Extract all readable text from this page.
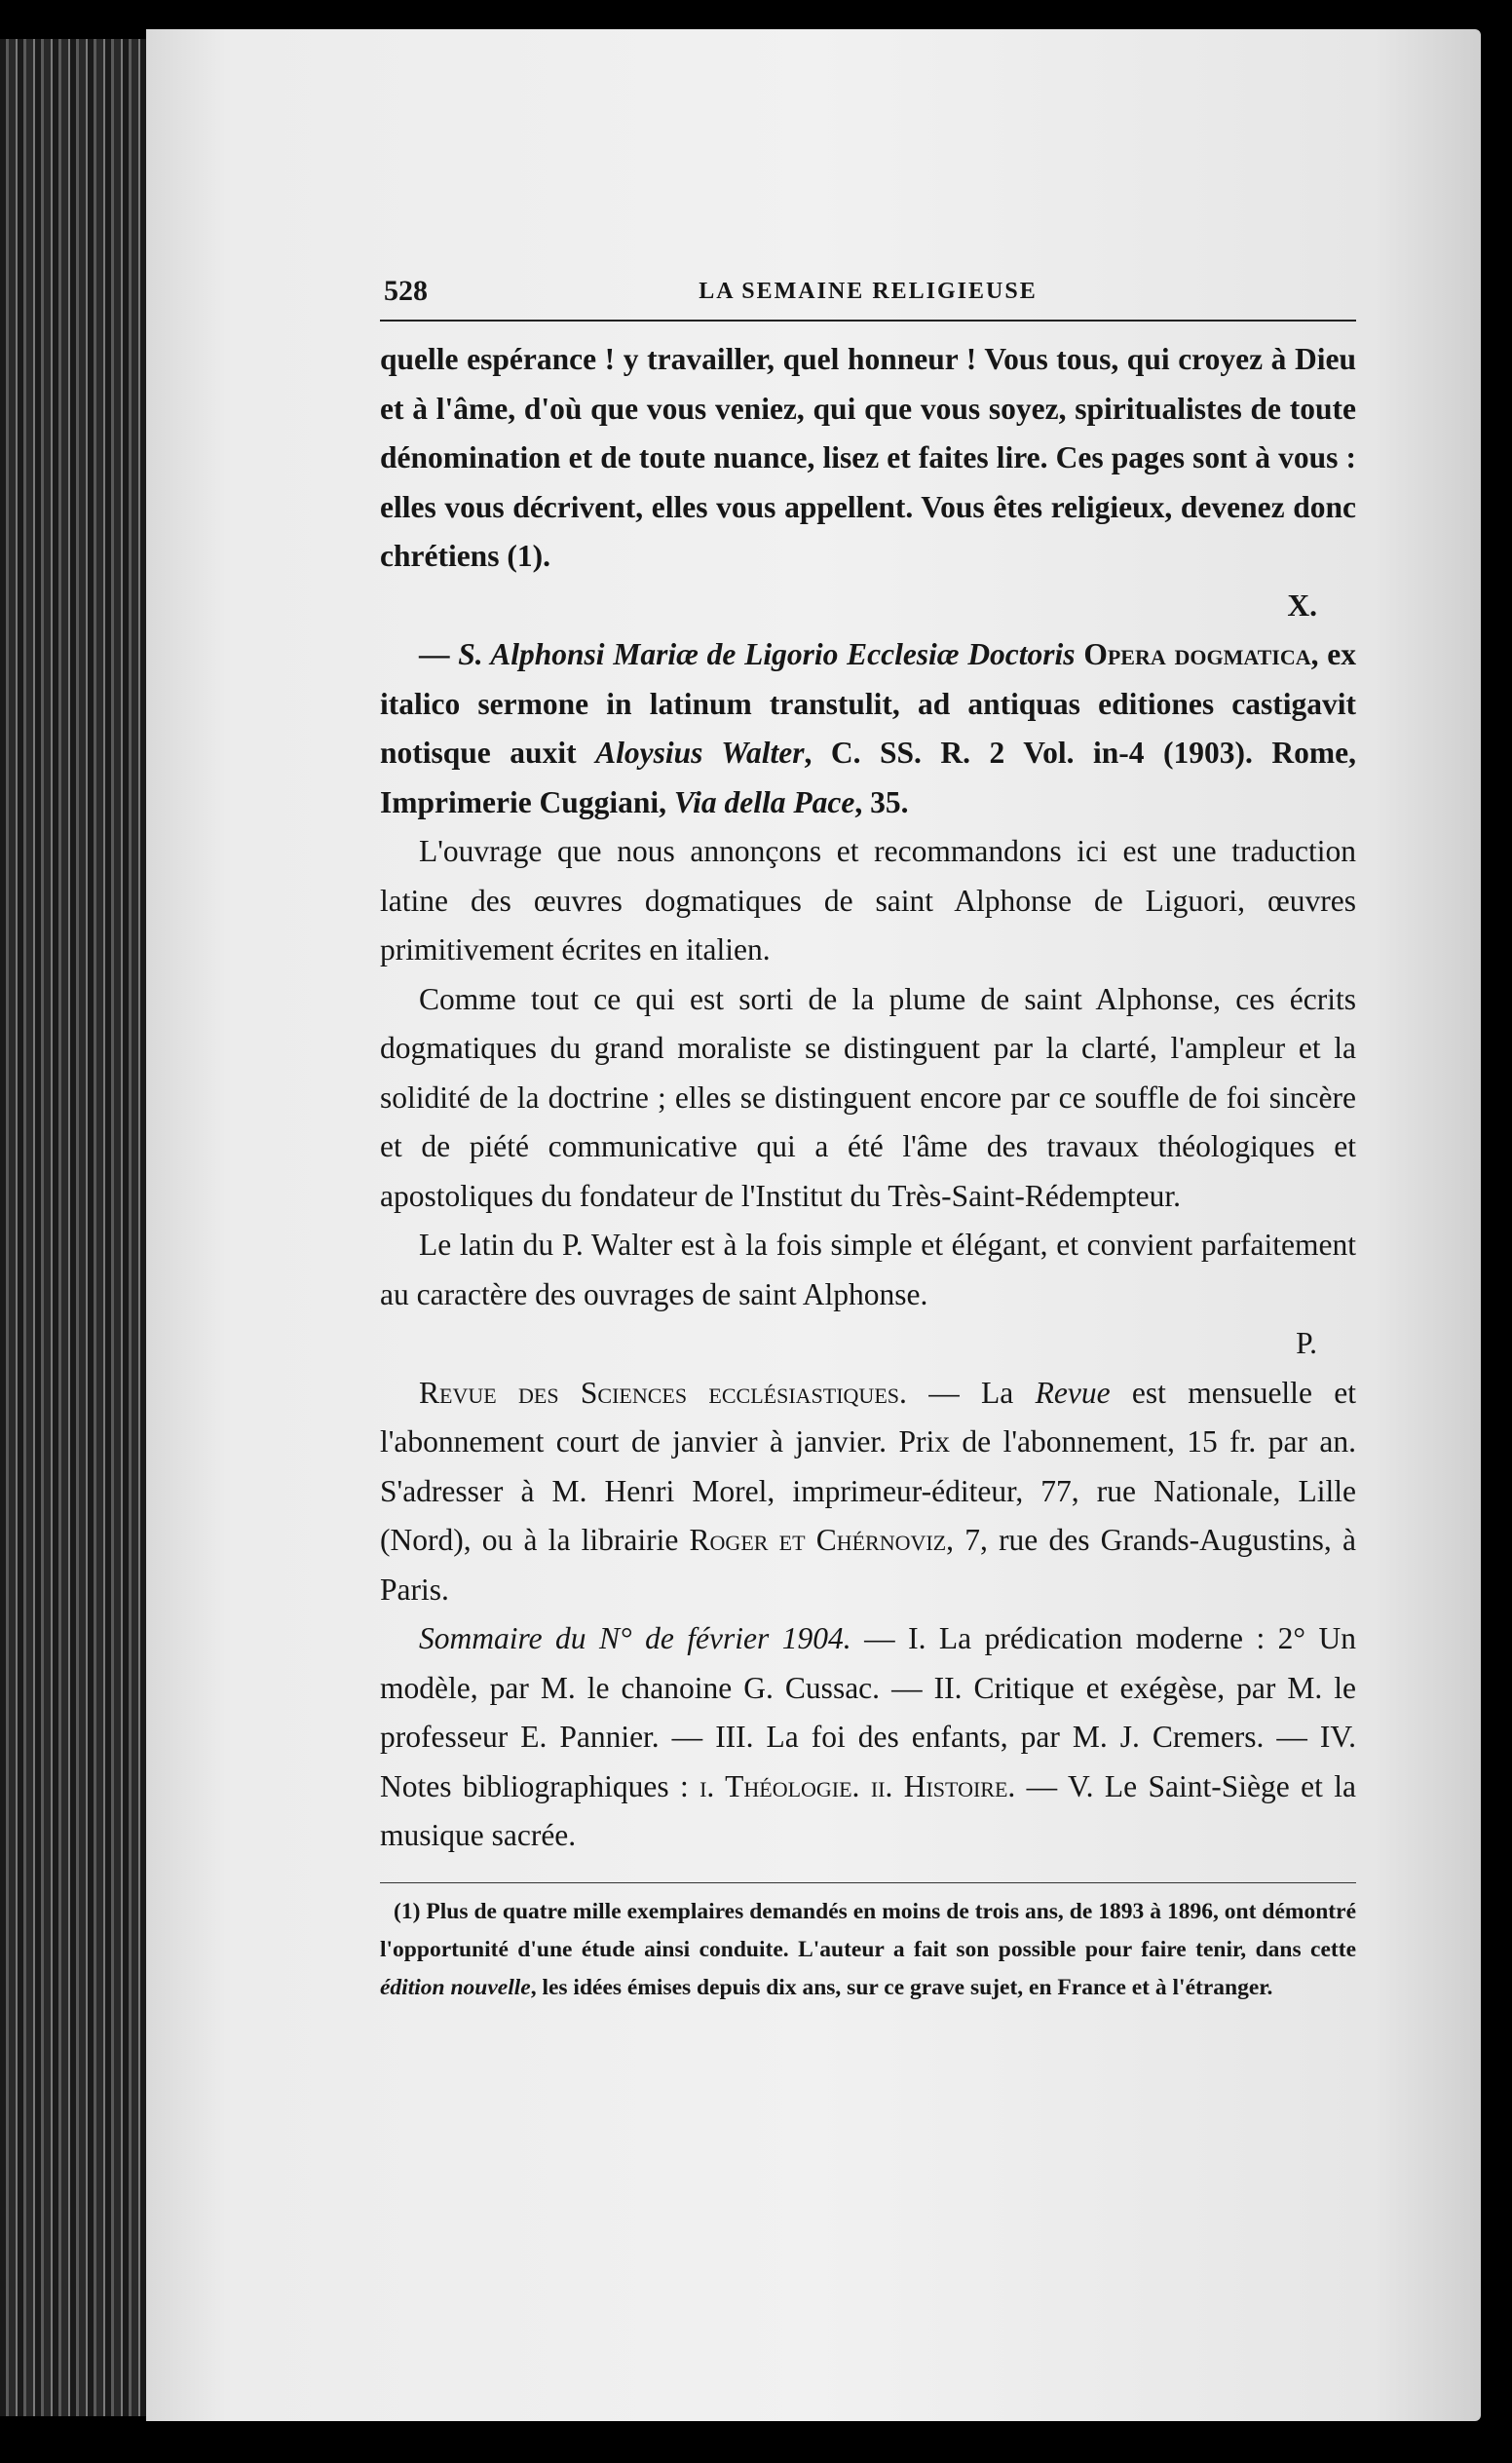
528	LA SEMAINE RELIGIEUSE

quelle espérance ! y travailler, quel honneur ! Vous tous, qui croyez à Dieu et à l'âme, d'où que vous veniez, qui que vous soyez, spiritualistes de toute dénomination et de toute nuance, lisez et faites lire. Ces pages sont à vous : elles vous décrivent, elles vous appellent. Vous êtes religieux, devenez donc chrétiens (1).

X.

— S. Alphonsi Mariæ de Ligorio Ecclesiæ Doctoris Opera dogmatica, ex italico sermone in latinum transtulit, ad antiquas editiones castigavit notisque auxit Aloysius Walter, C. SS. R. 2 Vol. in-4 (1903). Rome, Imprimerie Cuggiani, Via della Pace, 35.

L'ouvrage que nous annonçons et recommandons ici est une traduction latine des œuvres dogmatiques de saint Alphonse de Liguori, œuvres primitivement écrites en italien.

Comme tout ce qui est sorti de la plume de saint Alphonse, ces écrits dogmatiques du grand moraliste se distinguent par la clarté, l'ampleur et la solidité de la doctrine ; elles se distinguent encore par ce souffle de foi sincère et de piété communicative qui a été l'âme des travaux théologiques et apostoliques du fondateur de l'Institut du Très-Saint-Rédempteur.

Le latin du P. Walter est à la fois simple et élégant, et convient parfaitement au caractère des ouvrages de saint Alphonse.

P.

Revue des Sciences ecclésiastiques. — La Revue est mensuelle et l'abonnement court de janvier à janvier. Prix de l'abonnement, 15 fr. par an. S'adresser à M. Henri Morel, imprimeur-éditeur, 77, rue Nationale, Lille (Nord), ou à la librairie Roger et Chérnoviz, 7, rue des Grands-Augustins, à Paris.

Sommaire du N° de février 1904. — I. La prédication moderne : 2° Un modèle, par M. le chanoine G. Cussac. — II. Critique et exégèse, par M. le professeur E. Pannier. — III. La foi des enfants, par M. J. Cremers. — IV. Notes bibliographiques : i. Théologie. ii. Histoire. — V. Le Saint-Siège et la musique sacrée.

(1) Plus de quatre mille exemplaires demandés en moins de trois ans, de 1893 à 1896, ont démontré l'opportunité d'une étude ainsi conduite. L'auteur a fait son possible pour faire tenir, dans cette édition nouvelle, les idées émises depuis dix ans, sur ce grave sujet, en France et à l'étranger.
